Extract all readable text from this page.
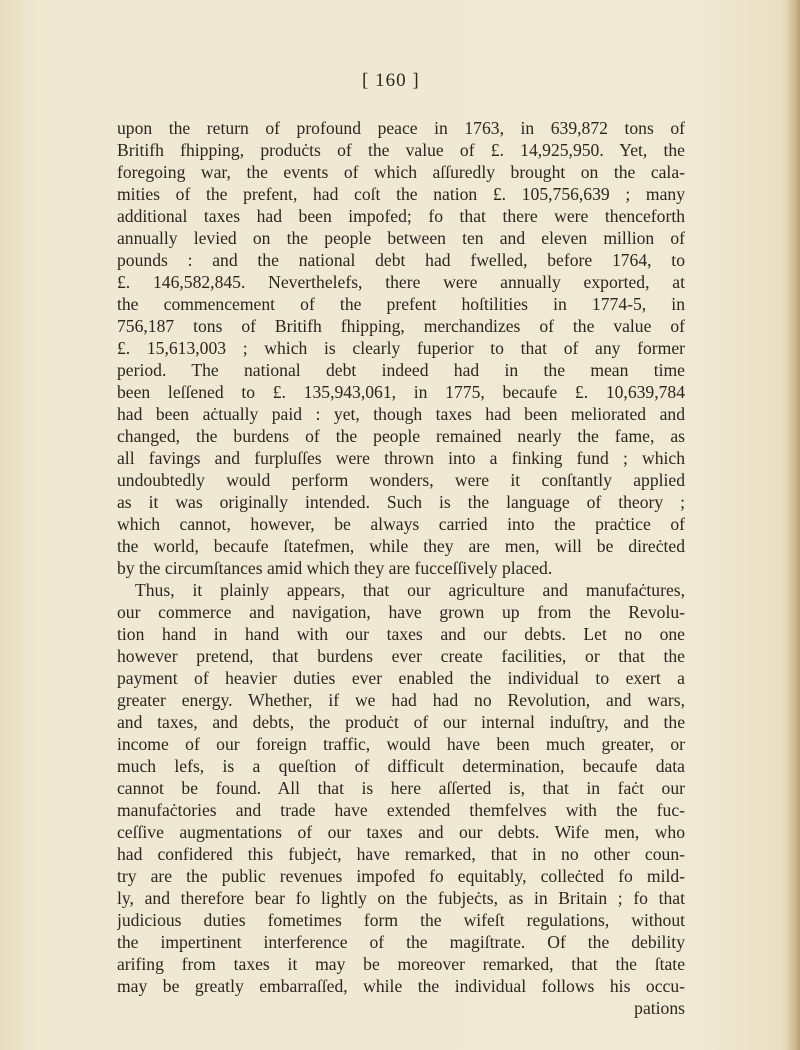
[ 160 ]
upon the return of profound peace in 1763, in 639,872 tons of
Britifh fhipping, produċts of the value of £. 14,925,950. Yet, the
foregoing war, the events of which aſſuredly brought on the cala-
mities of the prefent, had coſt the nation £. 105,756,639 ; many
additional taxes had been impofed; fo that there were thenceforth
annually levied on the people between ten and eleven million of
pounds : and the national debt had fwelled, before 1764, to
£. 146,582,845. Neverthelefs, there were annually exported, at
the commencement of the prefent hoſtilities in 1774-5, in
756,187 tons of Britifh fhipping, merchandizes of the value of
£. 15,613,003 ; which is clearly fuperior to that of any former
period. The national debt indeed had in the mean time
been leſſened to £. 135,943,061, in 1775, becaufe £. 10,639,784
had been aċtually paid : yet, though taxes had been meliorated and
changed, the burdens of the people remained nearly the fame, as
all favings and furpluſſes were thrown into a finking fund ; which
undoubtedly would perform wonders, were it conſtantly applied
as it was originally intended. Such is the language of theory ;
which cannot, however, be always carried into the praċtice of
the world, becaufe ſtatefmen, while they are men, will be direċted
by the circumſtances amid which they are fucceſſively placed.
Thus, it plainly appears, that our agriculture and manufaċtures,
our commerce and navigation, have grown up from the Revolu-
tion hand in hand with our taxes and our debts. Let no one
however pretend, that burdens ever create facilities, or that the
payment of heavier duties ever enabled the individual to exert a
greater energy. Whether, if we had had no Revolution, and wars,
and taxes, and debts, the produċt of our internal induſtry, and the
income of our foreign traffic, would have been much greater, or
much lefs, is a queſtion of difficult determination, becaufe data
cannot be found. All that is here aſſerted is, that in faċt our
manufaċtories and trade have extended themfelves with the fuc-
ceſſive augmentations of our taxes and our debts. Wife men, who
had confidered this fubjeċt, have remarked, that in no other coun-
try are the public revenues impofed fo equitably, colleċted fo mild-
ly, and therefore bear fo lightly on the fubjeċts, as in Britain ; fo that
judicious duties fometimes form the wifeſt regulations, without
the impertinent interference of the magiſtrate. Of the debility
arifing from taxes it may be moreover remarked, that the ſtate
may be greatly embarraſſed, while the individual follows his occu-
pations
